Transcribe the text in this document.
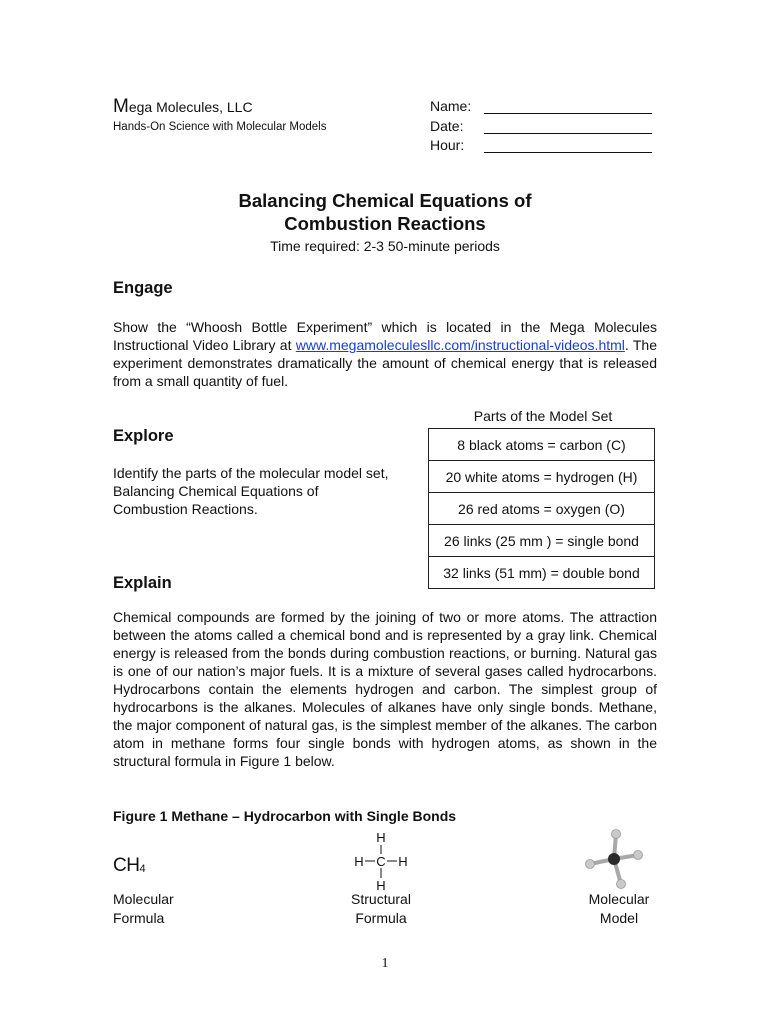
Mega Molecules, LLC
Hands-On Science with Molecular Models
Name:
Date:
Hour:
Balancing Chemical Equations of
Combustion Reactions
Time required: 2-3 50-minute periods
Engage
Show the “Whoosh Bottle Experiment” which is located in the Mega Molecules Instructional Video Library at www.megamoleculesllc.com/instructional-videos.html. The experiment demonstrates dramatically the amount of chemical energy that is released from a small quantity of fuel.
Explore
Identify the parts of the molecular model set, Balancing Chemical Equations of Combustion Reactions.
Parts of the Model Set
8 black atoms = carbon (C)
20 white atoms = hydrogen (H)
26 red atoms = oxygen (O)
26 links (25 mm ) = single bond
32 links (51 mm) = double bond
Explain
Chemical compounds are formed by the joining of two or more atoms. The attraction between the atoms called a chemical bond and is represented by a gray link. Chemical energy is released from the bonds during combustion reactions, or burning. Natural gas is one of our nation’s major fuels. It is a mixture of several gases called hydrocarbons. Hydrocarbons contain the elements hydrogen and carbon. The simplest group of hydrocarbons is the alkanes. Molecules of alkanes have only single bonds. Methane, the major component of natural gas, is the simplest member of the alkanes. The carbon atom in methane forms four single bonds with hydrogen atoms, as shown in the structural formula in Figure 1 below.
Figure 1 Methane – Hydrocarbon with Single Bonds
$CH_4$
H
H C H
H
Molecular
Formula
Structural
Formula
Molecular
Model
1
